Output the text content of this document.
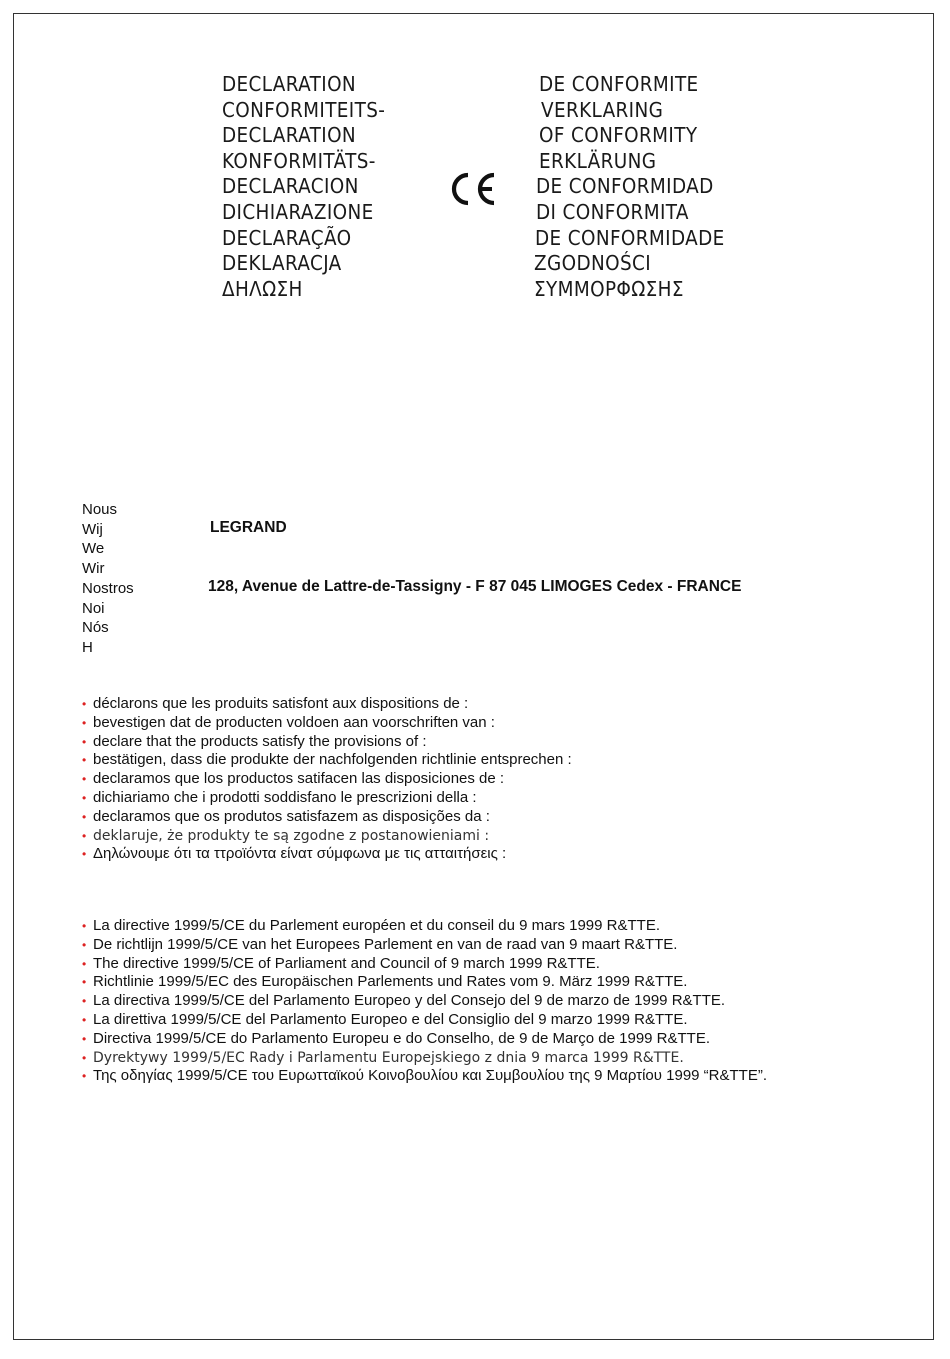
DECLARATION	DE CONFORMITE
CONFORMITEITS-	VERKLARING
DECLARATION	OF CONFORMITY
KONFORMITÄTS-	ERKLÄRUNG
DECLARACION	DE CONFORMIDAD
DICHIARAZIONE	DI CONFORMITA
DECLARAÇÃO	DE CONFORMIDADE
DEKLARACJA	ZGODNOŚCI
ΔΗΛΩΣΗ	ΣΥΜΜΟΡΦΩΣΗΣ
Nous
Wij
We
Wir
Nostros
Noi
Nós
H
LEGRAND
128, Avenue de Lattre-de-Tassigny - F 87 045 LIMOGES Cedex - FRANCE
• déclarons que les produits satisfont aux dispositions de :
• bevestigen dat de producten voldoen aan voorschriften van :
• declare that the products satisfy the provisions of :
• bestätigen, dass die produkte der nachfolgenden richtlinie entsprechen :
• declaramos que los productos satifacen las disposiciones de :
• dichiariamo che i prodotti soddisfano le prescrizioni della :
• declaramos que os produtos satisfazem as disposições da :
• deklaruje, że produkty te są zgodne z postanowieniami :
• Δηλώνουμε ότι τα ττροϊόντα είνατ σύμφωνα με τις ατταιτήσεις :
• La directive 1999/5/CE du Parlement européen et du conseil du 9 mars 1999 R&TTE.
• De richtlijn 1999/5/CE van het Europees Parlement en van de raad van 9 maart R&TTE.
• The directive 1999/5/CE of Parliament and Council of 9 march 1999 R&TTE.
• Richtlinie 1999/5/EC des Europäischen Parlements und Rates vom 9. März 1999 R&TTE.
• La directiva 1999/5/CE del Parlamento Europeo y del Consejo del 9 de marzo de 1999 R&TTE.
• La direttiva 1999/5/CE del Parlamento Europeo e del Consiglio del 9 marzo 1999 R&TTE.
• Directiva 1999/5/CE do Parlamento Europeu e do Conselho, de 9 de Março de 1999 R&TTE.
• Dyrektywy 1999/5/EC Rady i Parlamentu Europejskiego z dnia 9 marca 1999 R&TTE.
• Της οδηγίας 1999/5/CE του Ευρωτταϊκού Κοινοβουλίου και Συμβουλίου της 9 Μαρτίου 1999 “R&TTE”.
